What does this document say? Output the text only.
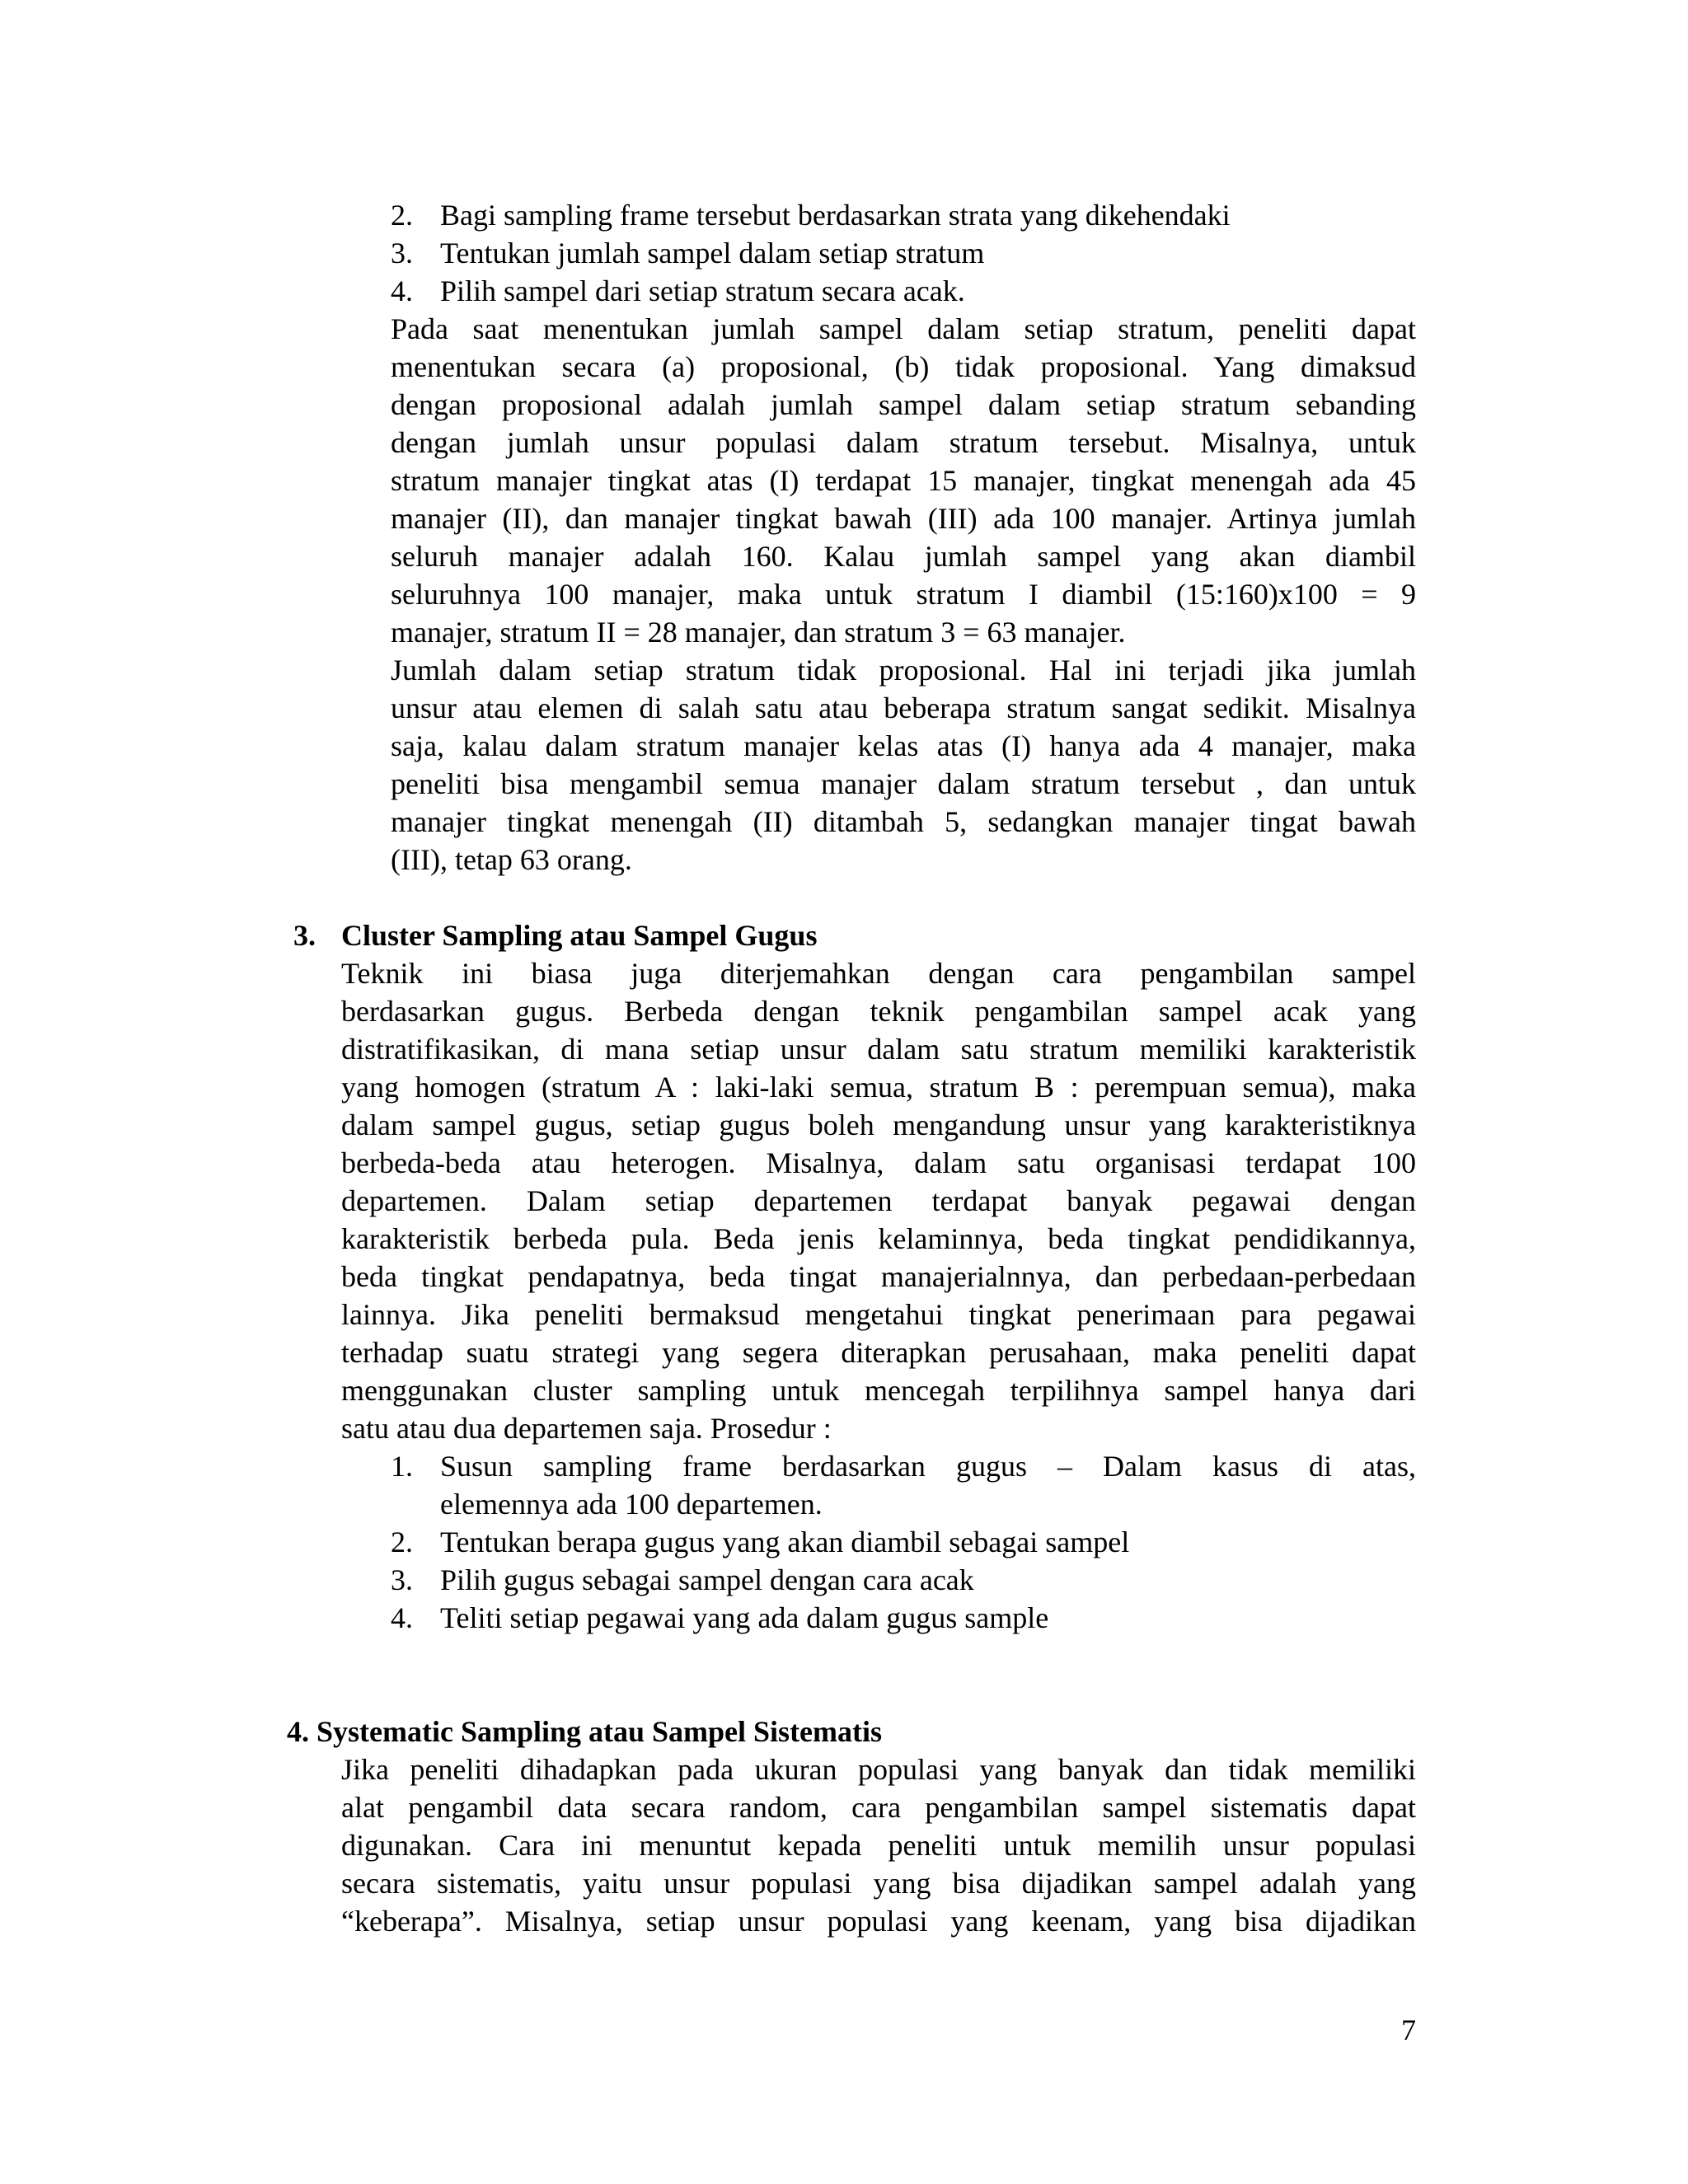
2. Bagi sampling frame tersebut berdasarkan strata yang dikehendaki
3. Tentukan jumlah sampel dalam setiap stratum
4. Pilih sampel dari setiap stratum secara acak.
Pada saat menentukan jumlah sampel dalam setiap stratum, peneliti dapat
menentukan secara (a) proposional, (b) tidak proposional. Yang dimaksud
dengan proposional adalah jumlah sampel dalam setiap stratum sebanding
dengan jumlah unsur populasi dalam stratum tersebut. Misalnya, untuk
stratum manajer tingkat atas (I) terdapat 15 manajer, tingkat menengah ada 45
manajer (II), dan manajer tingkat bawah (III) ada 100 manajer. Artinya jumlah
seluruh manajer adalah 160. Kalau jumlah sampel yang akan diambil
seluruhnya 100 manajer, maka untuk stratum I diambil (15:160)x100 = 9
manajer, stratum II = 28 manajer, dan stratum 3 = 63 manajer.
Jumlah dalam setiap stratum tidak proposional. Hal ini terjadi jika jumlah
unsur atau elemen di salah satu atau beberapa stratum sangat sedikit. Misalnya
saja, kalau dalam stratum manajer kelas atas (I) hanya ada 4 manajer, maka
peneliti bisa mengambil semua manajer dalam stratum tersebut , dan untuk
manajer tingkat menengah (II) ditambah 5, sedangkan manajer tingat bawah
(III), tetap 63 orang.
3. Cluster Sampling atau Sampel Gugus
Teknik ini biasa juga diterjemahkan dengan cara pengambilan sampel
berdasarkan gugus. Berbeda dengan teknik pengambilan sampel acak yang
distratifikasikan, di mana setiap unsur dalam satu stratum memiliki karakteristik
yang homogen (stratum A : laki-laki semua, stratum B : perempuan semua), maka
dalam sampel gugus, setiap gugus boleh mengandung unsur yang karakteristiknya
berbeda-beda atau heterogen. Misalnya, dalam satu organisasi terdapat 100
departemen. Dalam setiap departemen terdapat banyak pegawai dengan
karakteristik berbeda pula. Beda jenis kelaminnya, beda tingkat pendidikannya,
beda tingkat pendapatnya, beda tingat manajerialnnya, dan perbedaan-perbedaan
lainnya. Jika peneliti bermaksud mengetahui tingkat penerimaan para pegawai
terhadap suatu strategi yang segera diterapkan perusahaan, maka peneliti dapat
menggunakan cluster sampling untuk mencegah terpilihnya sampel hanya dari
satu atau dua departemen saja. Prosedur :
1. Susun sampling frame berdasarkan gugus – Dalam kasus di atas,
elemennya ada 100 departemen.
2. Tentukan berapa gugus yang akan diambil sebagai sampel
3. Pilih gugus sebagai sampel dengan cara acak
4. Teliti setiap pegawai yang ada dalam gugus sample
4. Systematic Sampling atau Sampel Sistematis
Jika peneliti dihadapkan pada ukuran populasi yang banyak dan tidak memiliki
alat pengambil data secara random, cara pengambilan sampel sistematis dapat
digunakan. Cara ini menuntut kepada peneliti untuk memilih unsur populasi
secara sistematis, yaitu unsur populasi yang bisa dijadikan sampel adalah yang
“keberapa”. Misalnya, setiap unsur populasi yang keenam, yang bisa dijadikan
7
